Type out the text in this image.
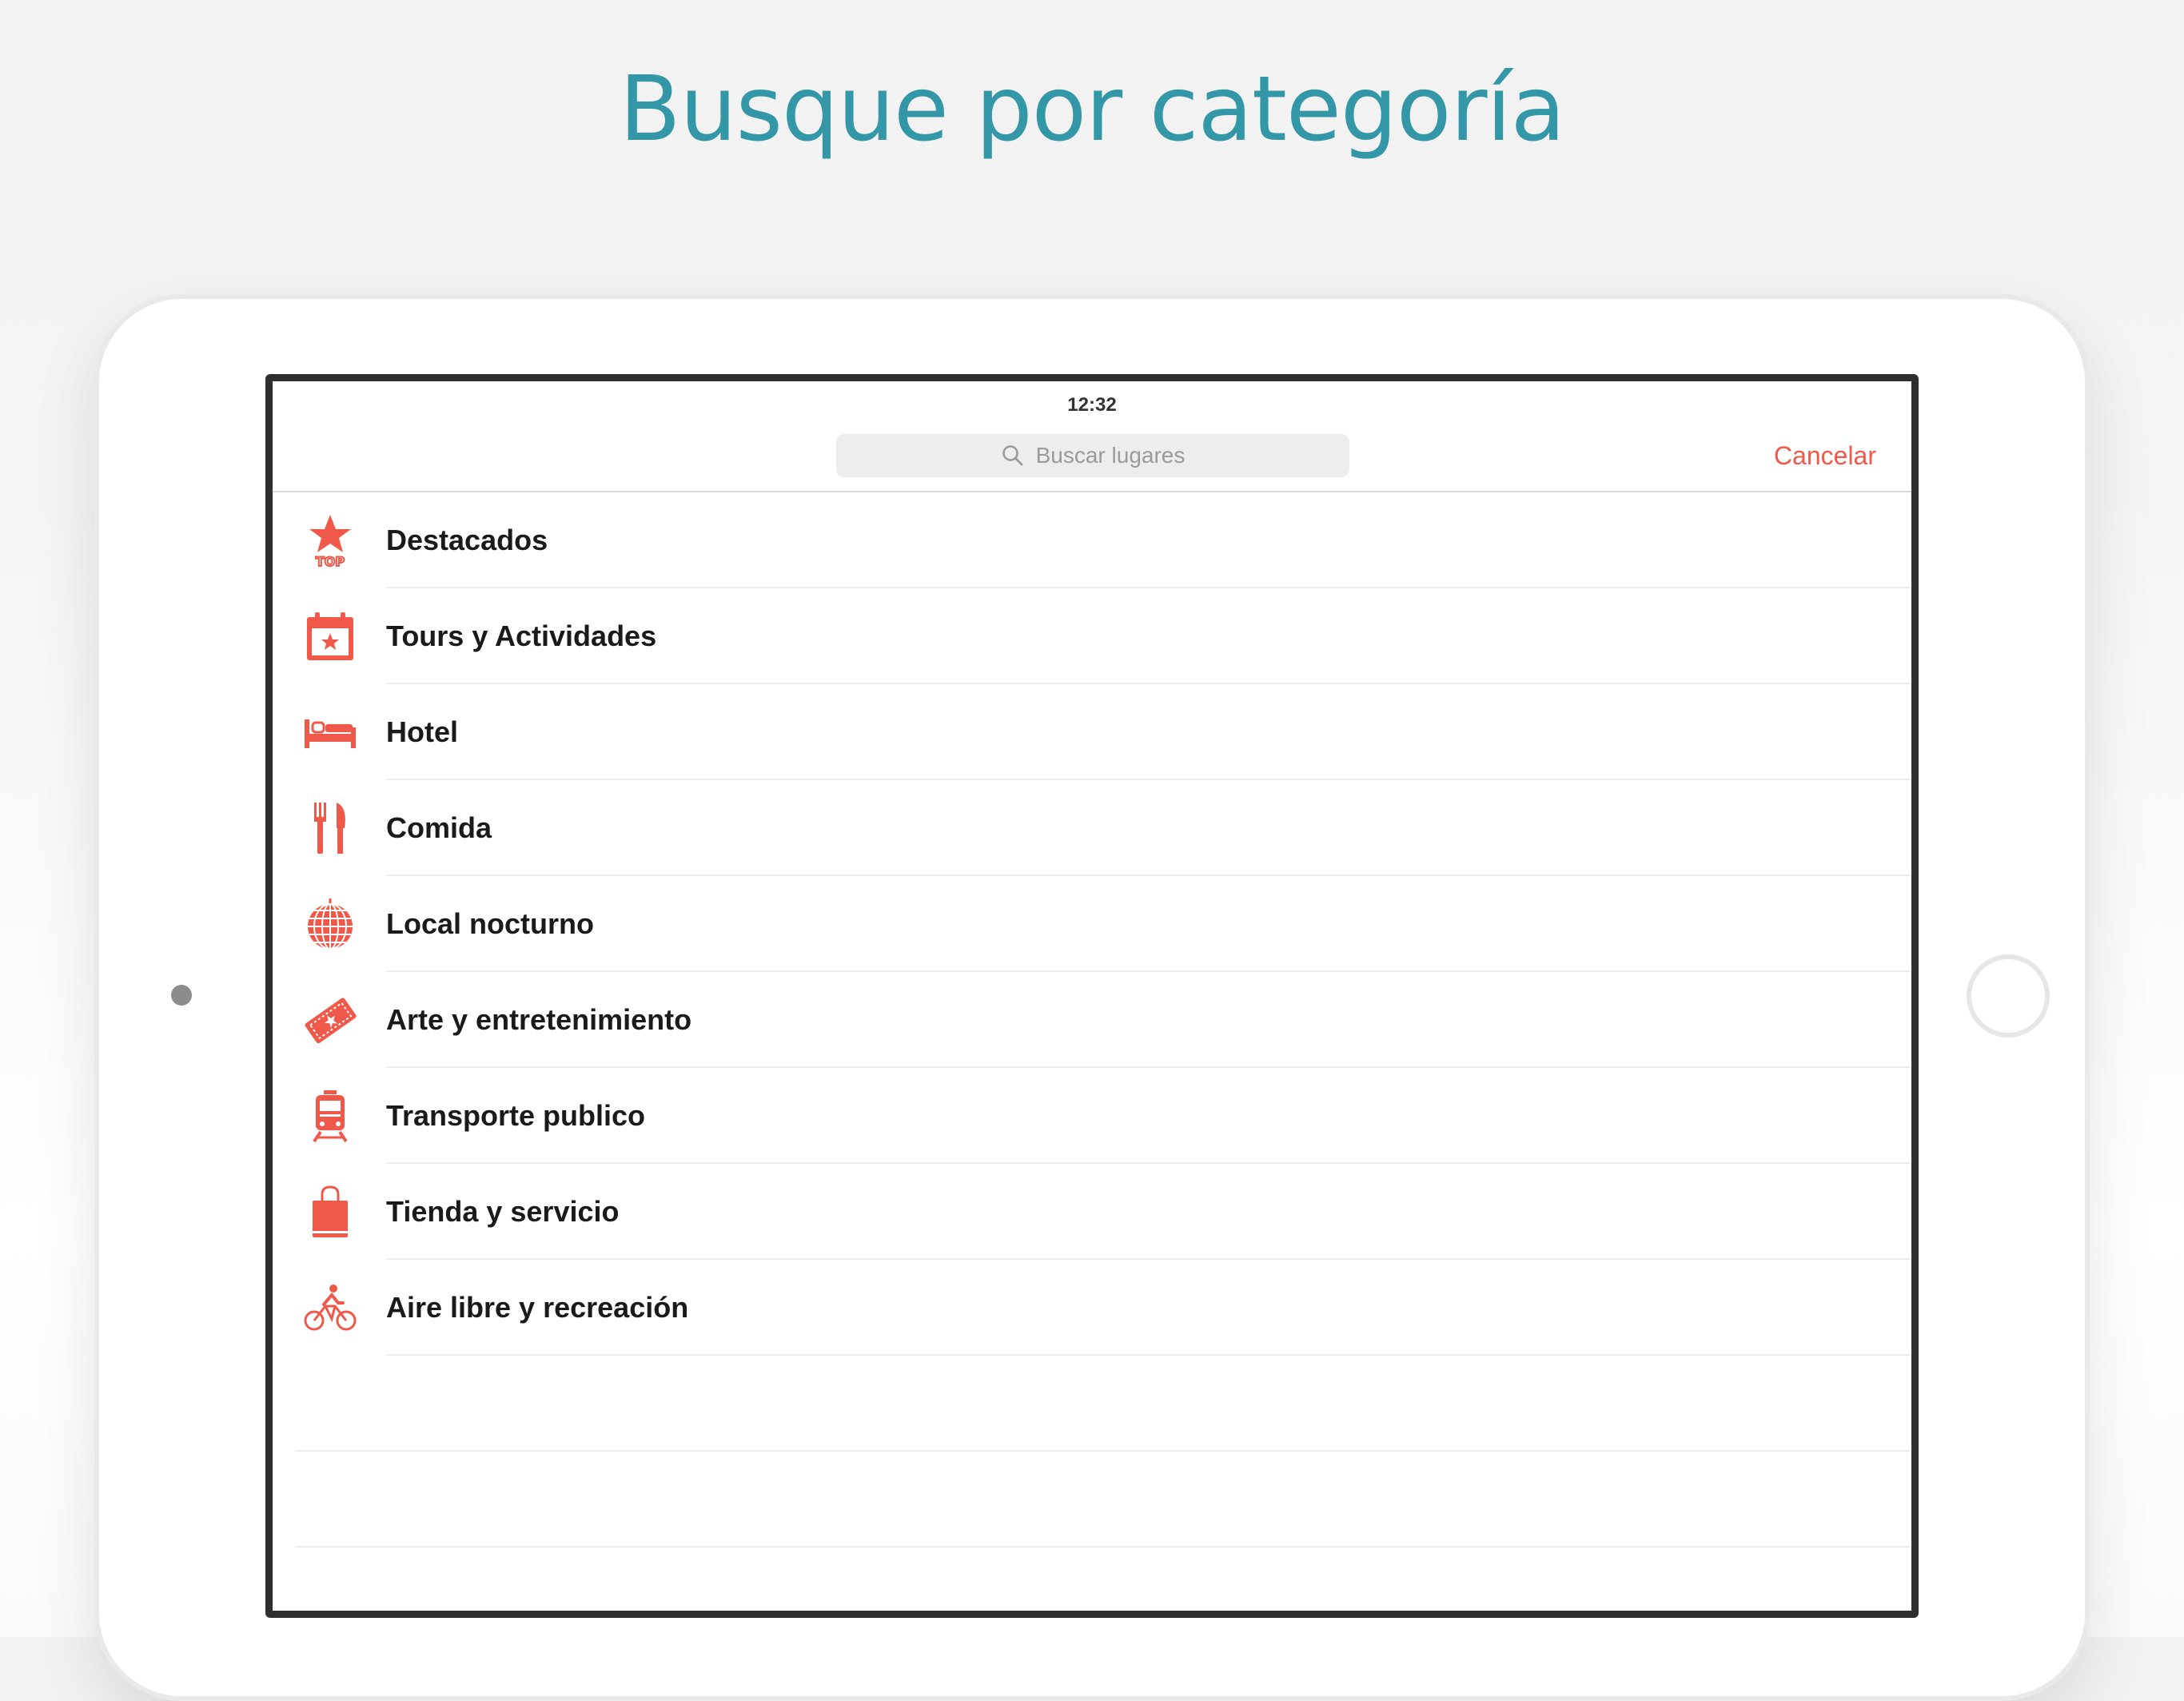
Busque por categoría
12:32
Buscar lugares	Cancelar
TOP
Destacados
Tours y Actividades
Hotel
Comida
Local nocturno
Arte y entretenimiento
Transporte publico
Tienda y servicio
Aire libre y recreación
